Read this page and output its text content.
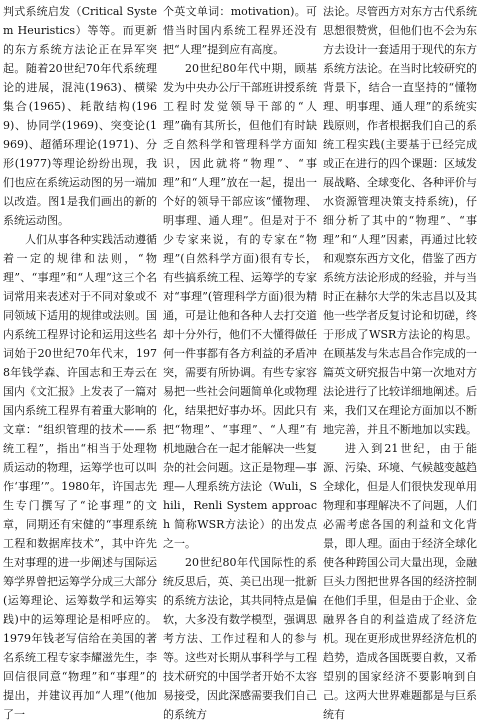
判式系统启发（Critical System Heuristics）等等。而更新的东方系统方法论正在异军突起。随着20世纪70年代系统理论的进展，混沌(1963)、横梁集合(1965)、耗散结构(1969)、协同学(1969)、突变论(1969)、超循环理论(1971)、分形(1977)等理论纷纷出现，我们也应在系统运动图的另一端加以改造。图1是我们画出的新的系统运动图。

人们从事各种实践活动遵循着一定的规律和法则，“物理”、“事理”和“人理”这三个名词常用来表述对于不同对象或不同领域下适用的规律或法则。国内系统工程界讨论和运用这些名词始于20世纪70年代末，1978年钱学森、许国志和王寿云在国内《文汇报》上发表了一篇对国内系统工程界有着重大影响的文章：“组织管理的技术——系统工程”，指出“相当于处理物质运动的物理，运筹学也可以叫作‘事理’”。1980年，许国志先生专门撰写了“论事理”的文章，同期还有宋健的“事理系统工程和数据库技术”，其中许先生对事理的进一步阐述与国际运筹学界曾把运筹学分成三大部分(运筹理论、运筹数学和运筹实践)中的运筹理论是相呼应的。1979年钱老写信给在美国的著名系统工程专家李耀滋先生，李回信很同意“物理”和“事理”的提出，并建议再加“人理”(他加了一

个英文单词：motivation)。可惜当时国内系统工程界还没有把“人理”提到应有高度。

20世纪80年代中期，顾基发为中央办公厅干部班讲授系统工程时发觉领导干部的“人理”确有其所长，但他们有时缺乏自然科学和管理科学方面知识，因此就将“物理”、“事理”和“人理”放在一起，提出一个好的领导干部应该“懂物理、明事理、通人理”。但是对于不少专家来说，有的专家在“物理”(自然科学方面)很有专长，有些搞系统工程、运筹学的专家对“事理”(管理科学方面)很为精通，可是让他和各种人去打交道却十分外行，他们不大懂得做任何一件事都有各方利益的矛盾冲突，需要有所协调。有些专家容易把一些社会问题简单化或物理化，结果把好事办坏。因此只有把“物理”、“事理”、“人理”有机地融合在一起才能解决一些复杂的社会问题。这正是物理—事理—人理系统方法论（Wuli，Shili，Renli System approach 简称WSR方法论）的出发点之一。

20世纪80年代国际性的系统反思后，英、美已出现一批新的系统方法论，其共同特点是偏软，大多没有数学模型，强调思考方法、工作过程和人的参与等。这些对长期从事科学与工程技术研究的中国学者开始不太容易接受，因此深感需要我们自己的系统方

法论。尽管西方对东方古代系统思想很赞赏，但他们也不会为东方去设计一套适用于现代的东方系统方法论。在当时比较研究的背景下，结合一直坚持的“懂物理、明事理、通人理”的系统实践原则，作者根据我们自己的系统工程实践(主要基于已经完成或正在进行的四个课题：区域发展战略、全球变化、各种评价与水资源管理决策支持系统)，仔细分析了其中的“物理”、“事理”和“人理”因素，再通过比较和观察东西方文化，借鉴了西方系统方法论形成的经验，并与当时正在赫尔大学的朱志昌以及其他一些学者反复讨论和切磋，终于形成了WSR方法论的构思。在顾基发与朱志昌合作完成的一篇英文研究报告中第一次地对方法论进行了比较详细地阐述。后来，我们又在理论方面加以不断地完善，并且不断地加以实践。

进入到21世纪，由于能源、污染、环境、气候越变越趋全球化，但是人们很快发现单用物理和事理解决不了问题，人们必需考虑各国的利益和文化背景，即人理。面由于经济全球化使各种跨国公司大量出现，金融巨头力图把世界各国的经济控制在他们手里，但是由于企业、金融界各自的利益造成了经济危机。现在更形成世界经济危机的趋势，造成各国既要自救，又希望别的国家经济不要影响到自己。这两大世界难题都是与巨系统有
